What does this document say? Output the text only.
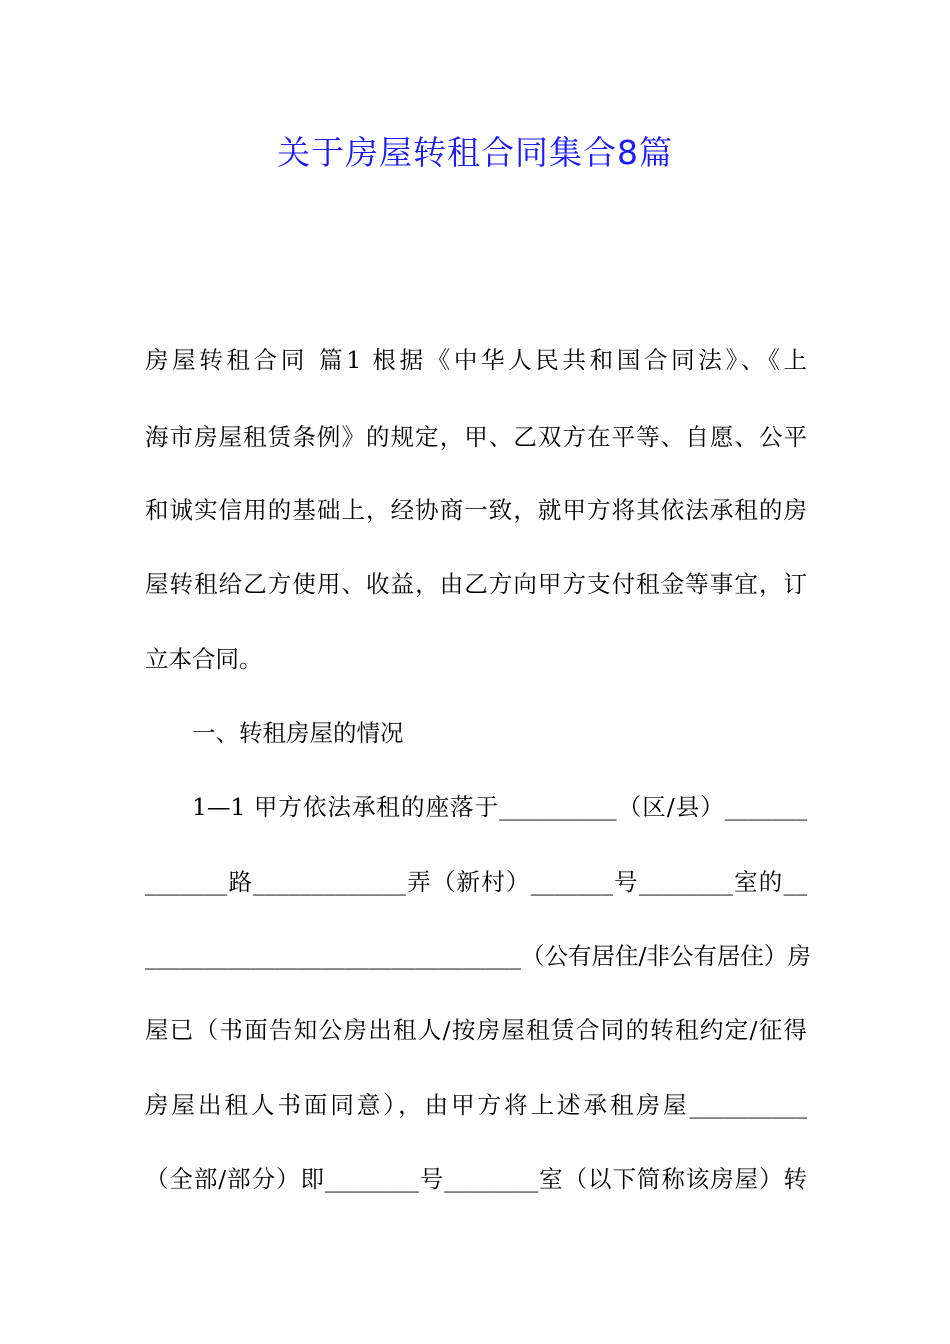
关于房屋转租合同集合8篇
房屋转租合同 篇1 根据《中华人民共和国合同法》、《上
海市房屋租赁条例》的规定，甲、乙双方在平等、自愿、公平
和诚实信用的基础上，经协商一致，就甲方将其依法承租的房
屋转租给乙方使用、收益，由乙方向甲方支付租金等事宜，订
立本合同。
一、转租房屋的情况
1—1 甲方依法承租的座落于__________（区/县）_______
_______路_____________弄（新村）_______号________室的__
________________________________（公有居住/非公有居住）房
屋已（书面告知公房出租人/按房屋租赁合同的转租约定/征得
房屋出租人书面同意），由甲方将上述承租房屋__________
（全部/部分）即________号________室（以下简称该房屋）转
